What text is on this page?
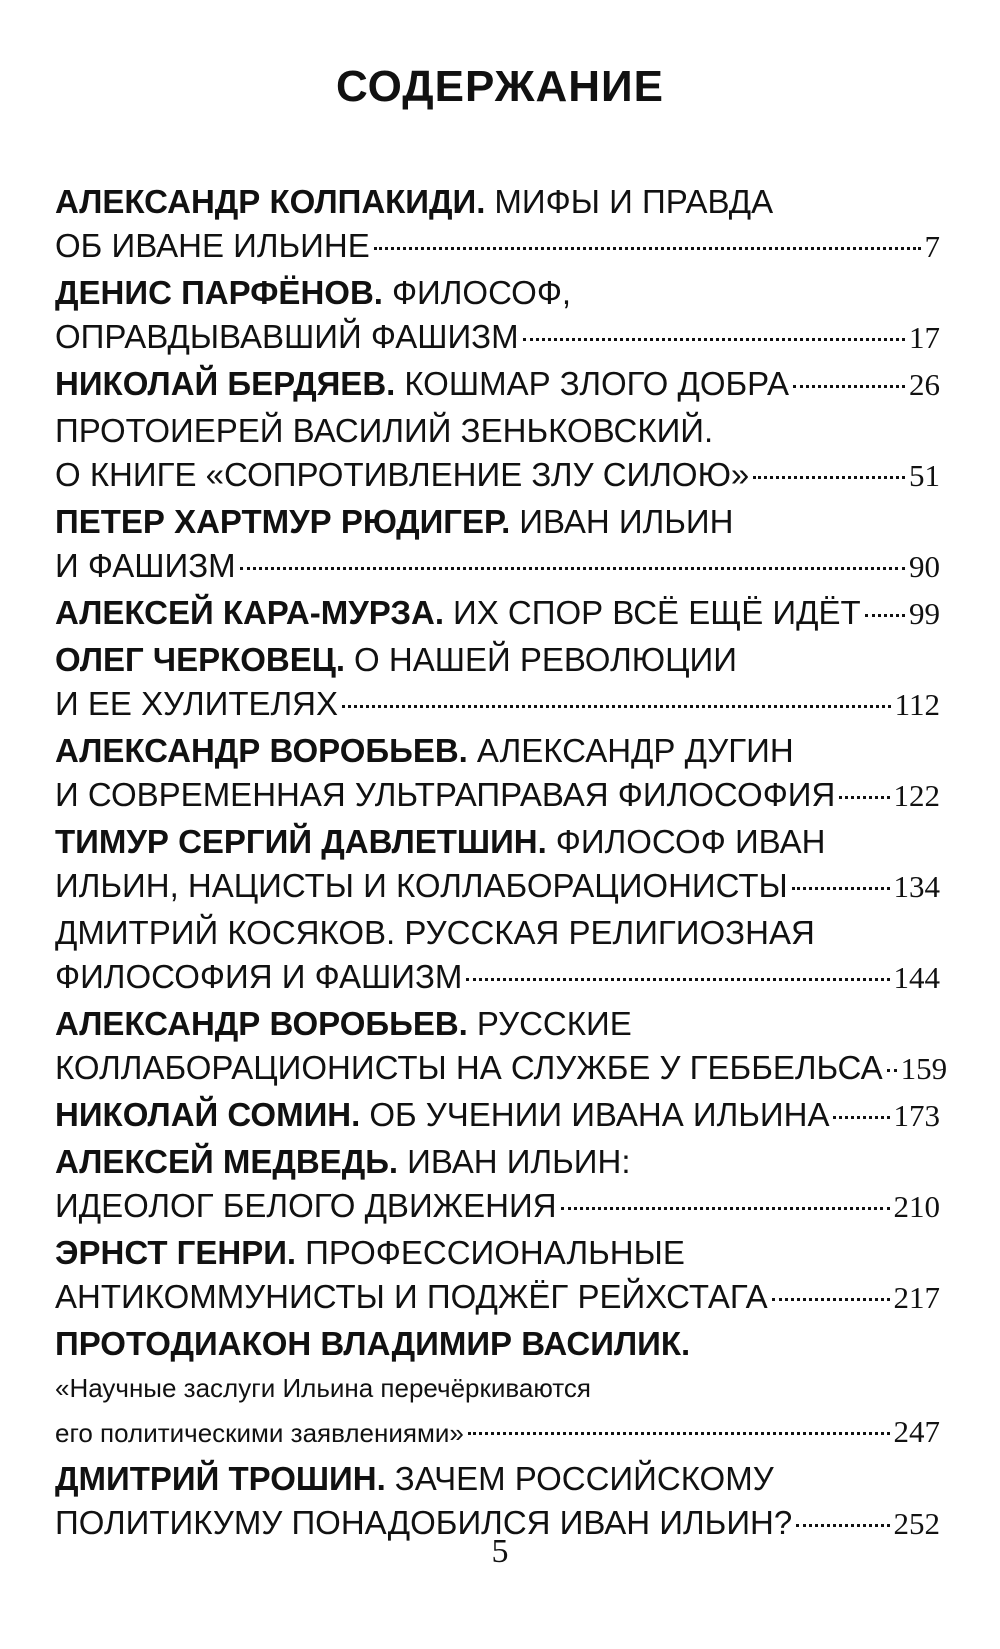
СОДЕРЖАНИЕ
АЛЕКСАНДР КОЛПАКИДИ. МИФЫ И ПРАВДА
ОБ ИВАНЕ ИЛЬИНЕ	7
ДЕНИС ПАРФЁНОВ. ФИЛОСОФ,
ОПРАВДЫВАВШИЙ ФАШИЗМ	17
НИКОЛАЙ БЕРДЯЕВ. КОШМАР ЗЛОГО ДОБРА	26
ПРОТОИЕРЕЙ ВАСИЛИЙ ЗЕНЬКОВСКИЙ.
О КНИГЕ «СОПРОТИВЛЕНИЕ ЗЛУ СИЛОЮ»	51
ПЕТЕР ХАРТМУР РЮДИГЕР. ИВАН ИЛЬИН
И ФАШИЗМ	90
АЛЕКСЕЙ КАРА-МУРЗА. ИХ СПОР ВСЁ ЕЩЁ ИДЁТ 99
ОЛЕГ ЧЕРКОВЕЦ. О НАШЕЙ РЕВОЛЮЦИИ
И ЕЕ ХУЛИТЕЛЯХ	112
АЛЕКСАНДР ВОРОБЬЕВ. АЛЕКСАНДР ДУГИН
И СОВРЕМЕННАЯ УЛЬТРАПРАВАЯ ФИЛОСОФИЯ 122
ТИМУР СЕРГИЙ ДАВЛЕТШИН. ФИЛОСОФ ИВАН
ИЛЬИН, НАЦИСТЫ И КОЛЛАБОРАЦИОНИСТЫ	134
ДМИТРИЙ КОСЯКОВ. РУССКАЯ РЕЛИГИОЗНАЯ
ФИЛОСОФИЯ И ФАШИЗМ	144
АЛЕКСАНДР ВОРОБЬЕВ. РУССКИЕ
КОЛЛАБОРАЦИОНИСТЫ НА СЛУЖБЕ У ГЕББЕЛЬСА 159
НИКОЛАЙ СОМИН. ОБ УЧЕНИИ ИВАНА ИЛЬИНА 173
АЛЕКСЕЙ МЕДВЕДЬ. ИВАН ИЛЬИН:
ИДЕОЛОГ БЕЛОГО ДВИЖЕНИЯ	210
ЭРНСТ ГЕНРИ. ПРОФЕССИОНАЛЬНЫЕ
АНТИКОММУНИСТЫ И ПОДЖЁГ РЕЙХСТАГА	217
ПРОТОДИАКОН ВЛАДИМИР ВАСИЛИК.
«Научные заслуги Ильина перечёркиваются
его политическими заявлениями»	247
ДМИТРИЙ ТРОШИН. ЗАЧЕМ РОССИЙСКОМУ
ПОЛИТИКУМУ ПОНАДОБИЛСЯ ИВАН ИЛЬИН?	252
5
